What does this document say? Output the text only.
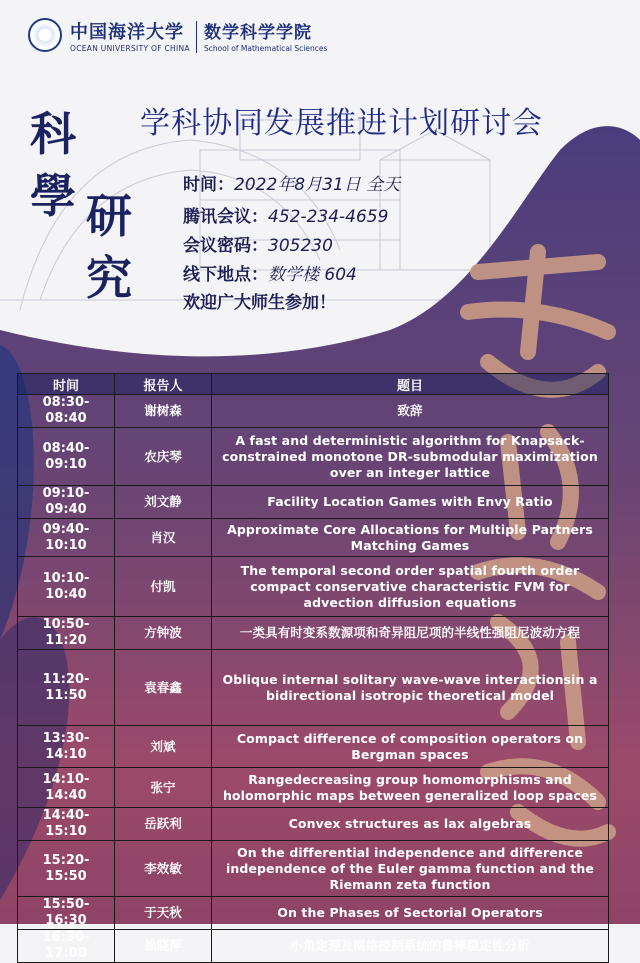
中国海洋大学
OCEAN UNIVERSITY OF CHINA
数学科学学院
School of Mathematical Sciences
科
學 研
究
学科协同发展推进计划研讨会
时间：2022年8月31日 全天
腾讯会议：452-234-4659
会议密码：305230
线下地点：数学楼 604
欢迎广大师生参加！
时间	报告人	题目
08:30-08:40	谢树森	致辞
08:40-09:10	农庆琴	A fast and deterministic algorithm for Knapsack-constrained monotone DR-submodular maximization over an integer lattice
09:10-09:40	刘文静	Facility Location Games with Envy Ratio
09:40-10:10	肖汉	Approximate Core Allocations for Multiple Partners Matching Games
10:10-10:40	付凯	The temporal second order spatial fourth order compact conservative characteristic FVM for advection diffusion equations
10:50-11:20	方钟波	一类具有时变系数源项和奇异阻尼项的半线性强阻尼波动方程
11:20-11:50	袁春鑫	Oblique internal solitary wave-wave interactionsin a bidirectional isotropic theoretical model
13:30-14:10	刘斌	Compact difference of composition operators on Bergman spaces
14:10-14:40	张宁	Rangedecreasing group homomorphisms and holomorphic maps between generalized loop spaces
14:40-15:10	岳跃利	Convex structures as lax algebras
15:20-15:50	李效敏	On the differential independence and difference independence of the Euler gamma function and the Riemann zeta function
15:50-16:30	于天秋	On the Phases of Sectorial Operators
16:30-17:00	徐晓萍	小角定理及网络控制系统的鲁棒稳定性分析
